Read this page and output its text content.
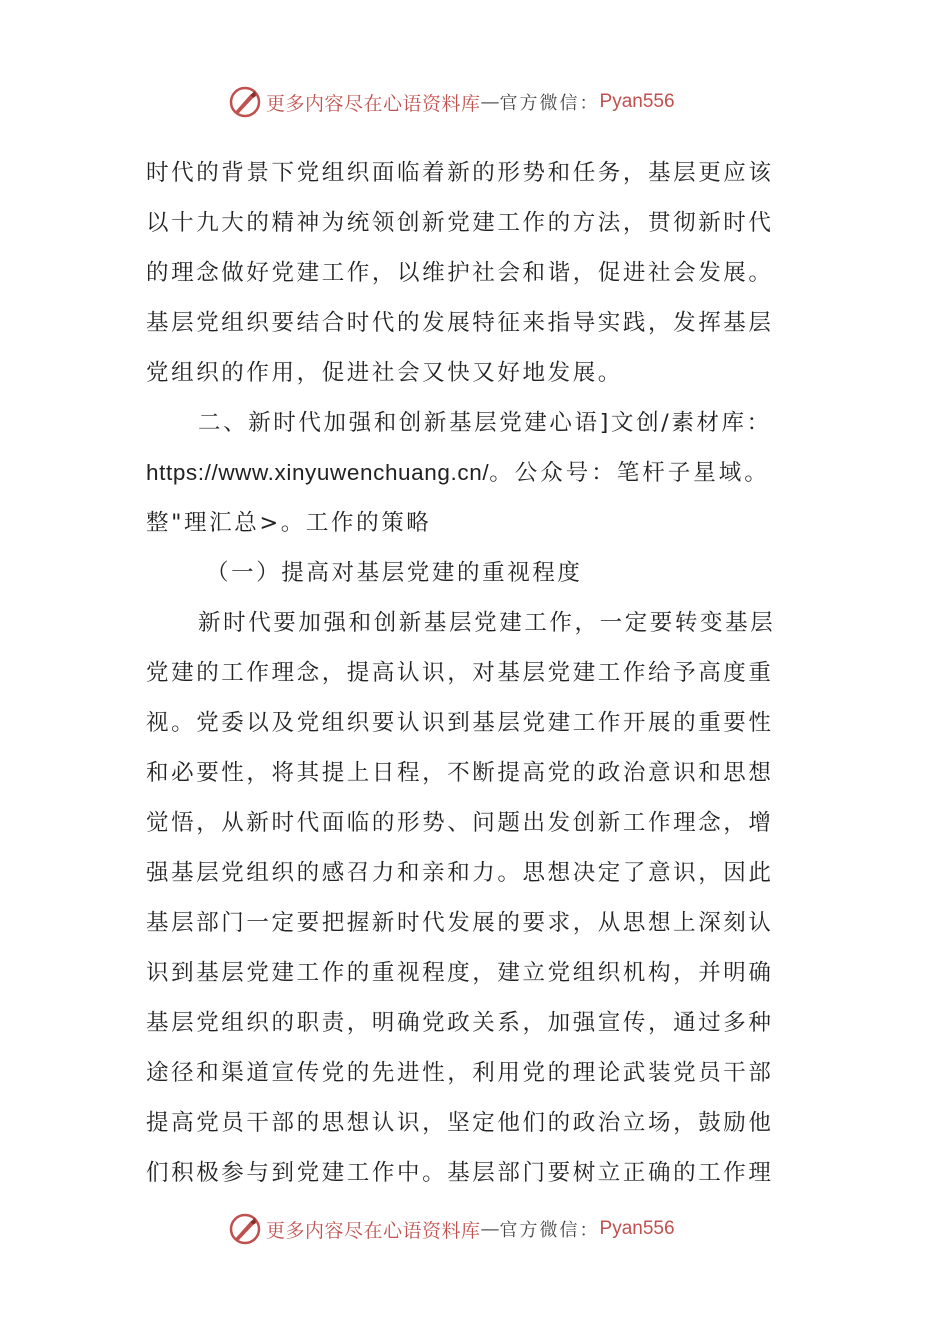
更多内容尽在心语资料库 — 官方微信： Pyan556
时代的背景下党组织面临着新的形势和任务，基层更应该
以十九大的精神为统领创新党建工作的方法，贯彻新时代
的理念做好党建工作，以维护社会和谐，促进社会发展。
基层党组织要结合时代的发展特征来指导实践，发挥基层
党组织的作用，促进社会又快又好地发展。
二、新时代加强和创新基层党建心语]文创/素材库：
https://www.xinyuwenchuang.cn/。公众号：笔杆子星域。
整"理汇总>。工作的策略
（一）提高对基层党建的重视程度
新时代要加强和创新基层党建工作，一定要转变基层
党建的工作理念，提高认识，对基层党建工作给予高度重
视。党委以及党组织要认识到基层党建工作开展的重要性
和必要性，将其提上日程，不断提高党的政治意识和思想
觉悟，从新时代面临的形势、问题出发创新工作理念，增
强基层党组织的感召力和亲和力。思想决定了意识，因此
基层部门一定要把握新时代发展的要求，从思想上深刻认
识到基层党建工作的重视程度，建立党组织机构，并明确
基层党组织的职责，明确党政关系，加强宣传，通过多种
途径和渠道宣传党的先进性，利用党的理论武装党员干部
提高党员干部的思想认识，坚定他们的政治立场，鼓励他
们积极参与到党建工作中。基层部门要树立正确的工作理
更多内容尽在心语资料库 — 官方微信： Pyan556
